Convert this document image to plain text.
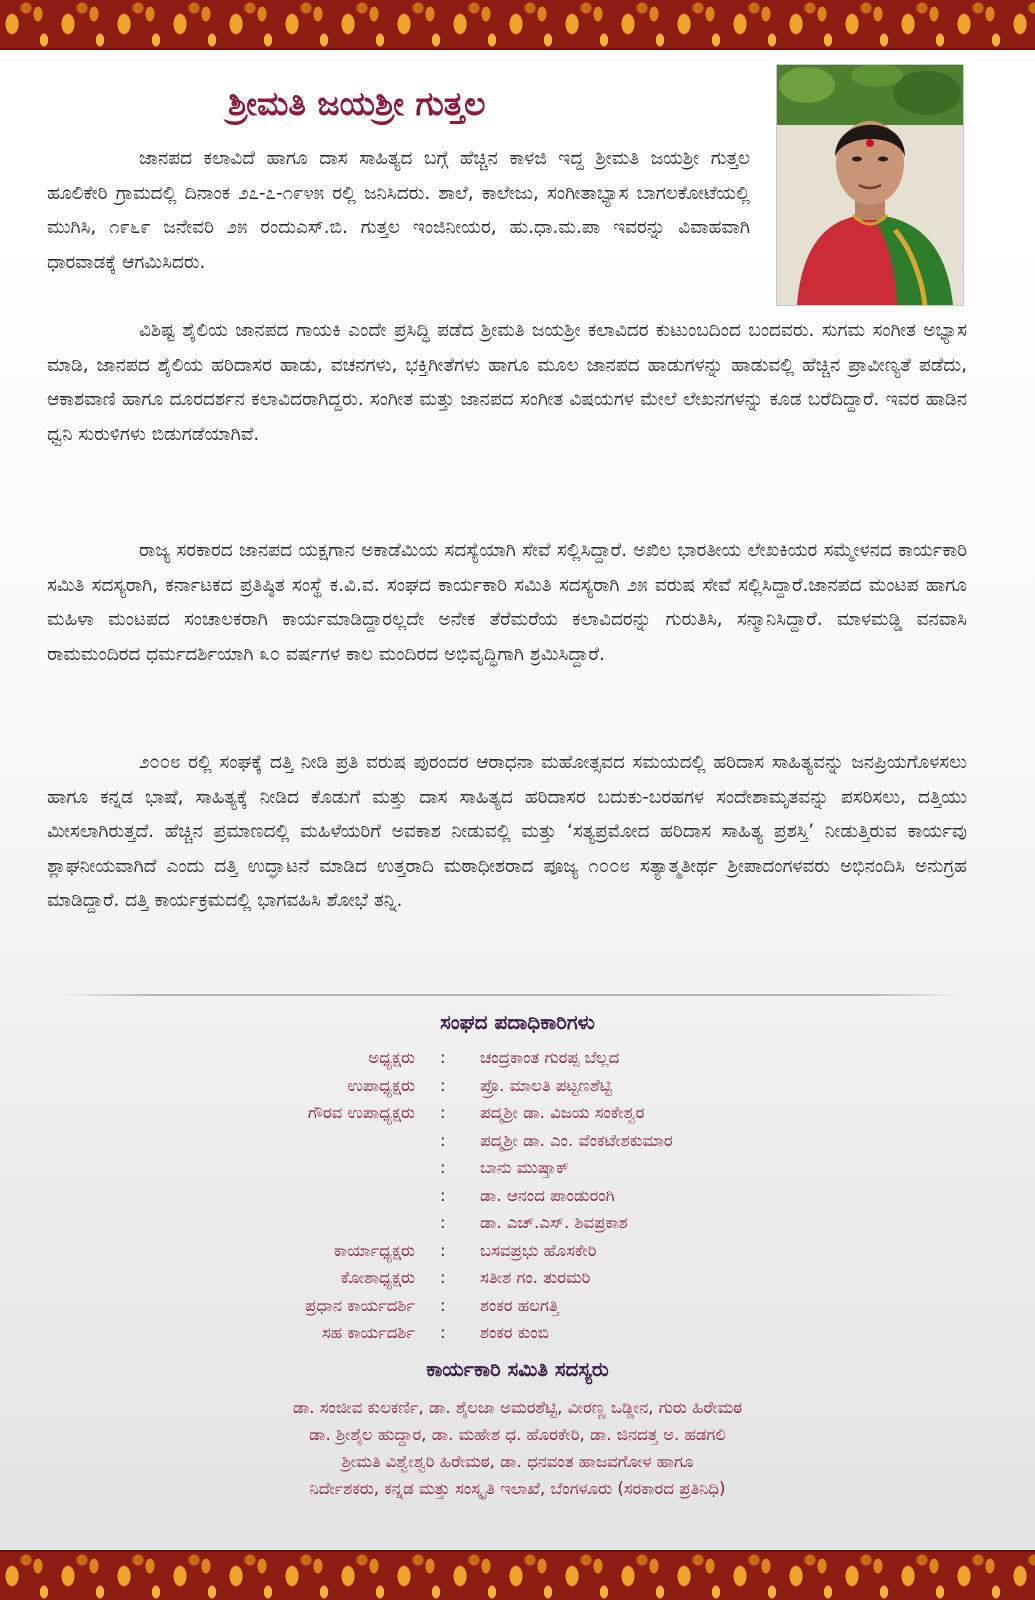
ಶ್ರೀಮತಿ ಜಯಶ್ರೀ ಗುತ್ತಲ

ಜಾನಪದ ಕಲಾವಿದೆ ಹಾಗೂ ದಾಸ ಸಾಹಿತ್ಯದ ಬಗ್ಗೆ ಹೆಚ್ಚಿನ ಕಾಳಜಿ ಇದ್ದ ಶ್ರೀಮತಿ ಜಯಶ್ರೀ ಗುತ್ತಲ ಹೂಲಿಕೇರಿ ಗ್ರಾಮದಲ್ಲಿ ದಿನಾಂಕ ೨೭-೭-೧೯೪೫ ರಲ್ಲಿ ಜನಿಸಿದರು. ಶಾಲೆ, ಕಾಲೇಜು, ಸಂಗೀತಾಭ್ಯಾಸ ಬಾಗಲಕೋಟೆಯಲ್ಲಿ ಮುಗಿಸಿ, ೧೯೬೯ ಜನೇವರಿ ೨೫ ರಂದುಎಸ್.ಬಿ. ಗುತ್ತಲ ಇಂಜಿನೀಯರ, ಹು.ಧಾ.ಮ.ಪಾ ಇವರನ್ನು ವಿವಾಹವಾಗಿ ಧಾರವಾಡಕ್ಕೆ ಆಗಮಿಸಿದರು.

ವಿಶಿಷ್ಟ ಶೈಲಿಯ ಜಾನಪದ ಗಾಯಕಿ ಎಂದೇ ಪ್ರಸಿದ್ಧಿ ಪಡೆದ ಶ್ರೀಮತಿ ಜಯಶ್ರೀ ಕಲಾವಿದರ ಕುಟುಂಬದಿಂದ ಬಂದವರು. ಸುಗಮ ಸಂಗೀತ ಅಭ್ಯಾಸ ಮಾಡಿ, ಜಾನಪದ ಶೈಲಿಯ ಹರಿದಾಸರ ಹಾಡು, ವಚನಗಳು, ಭಕ್ತಿಗೀತೆಗಳು ಹಾಗೂ ಮೂಲ ಜಾನಪದ ಹಾಡುಗಳನ್ನು ಹಾಡುವಲ್ಲಿ ಹೆಚ್ಚಿನ ಪ್ರಾವೀಣ್ಯತೆ ಪಡೆದು, ಆಕಾಶವಾಣಿ ಹಾಗೂ ದೂರದರ್ಶನ ಕಲಾವಿದರಾಗಿದ್ದರು. ಸಂಗೀತ ಮತ್ತು ಜಾನಪದ ಸಂಗೀತ ವಿಷಯಗಳ ಮೇಲೆ ಲೇಖನಗಳನ್ನು ಕೂಡ ಬರೆದಿದ್ದಾರೆ. ಇವರ ಹಾಡಿನ ಧ್ವನಿ ಸುರುಳಿಗಳು ಬಿಡುಗಡೆಯಾಗಿವೆ.

ರಾಜ್ಯ ಸರಕಾರದ ಜಾನಪದ ಯಕ್ಷಗಾನ ಅಕಾಡೆಮಿಯ ಸದಸ್ಯೆಯಾಗಿ ಸೇವೆ ಸಲ್ಲಿಸಿದ್ದಾರೆ. ಅಖಿಲ ಭಾರತೀಯ ಲೇಖಕಿಯರ ಸಮ್ಮೇಳನದ ಕಾರ್ಯಕಾರಿ ಸಮಿತಿ ಸದಸ್ಯರಾಗಿ, ಕರ್ನಾಟಕದ ಪ್ರತಿಷ್ಠಿತ ಸಂಸ್ಥೆ ಕ.ವಿ.ವ. ಸಂಘದ ಕಾರ್ಯಕಾರಿ ಸಮಿತಿ ಸದಸ್ಯರಾಗಿ ೨೫ ವರುಷ ಸೇವೆ ಸಲ್ಲಿಸಿದ್ದಾರೆ.ಜಾನಪದ ಮಂಟಪ ಹಾಗೂ ಮಹಿಳಾ ಮಂಟಪದ ಸಂಚಾಲಕರಾಗಿ ಕಾರ್ಯಮಾಡಿದ್ದಾರಲ್ಲದೇ ಅನೇಕ ತೆರೆಮರೆಯ ಕಲಾವಿದರನ್ನು ಗುರುತಿಸಿ, ಸನ್ಮಾನಿಸಿದ್ದಾರೆ. ಮಾಳಮಡ್ಡಿ ವನವಾಸಿ ರಾಮಮಂದಿರದ ಧರ್ಮದರ್ಶಿಯಾಗಿ ೩೦ ವರ್ಷಗಳ ಕಾಲ ಮಂದಿರದ ಅಭಿವೃದ್ಧಿಗಾಗಿ ಶ್ರಮಿಸಿದ್ದಾರೆ.

೨೦೦೮ ರಲ್ಲಿ ಸಂಘಕ್ಕೆ ದತ್ತಿ ನೀಡಿ ಪ್ರತಿ ವರುಷ ಪುರಂದರ ಆರಾಧನಾ ಮಹೋತ್ಸವದ ಸಮಯದಲ್ಲಿ ಹರಿದಾಸ ಸಾಹಿತ್ಯವನ್ನು ಜನಪ್ರಿಯಗೊಳಸಲು ಹಾಗೂ ಕನ್ನಡ ಭಾಷೆ, ಸಾಹಿತ್ಯಕ್ಕೆ ನೀಡಿದ ಕೊಡುಗೆ ಮತ್ತು ದಾಸ ಸಾಹಿತ್ಯದ ಹರಿದಾಸರ ಬದುಕು-ಬರಹಗಳ ಸಂದೇಶಾಮೃತವನ್ನು ಪಸರಿಸಲು, ದತ್ತಿಯು ಮೀಸಲಾಗಿರುತ್ತದೆ. ಹೆಚ್ಚಿನ ಪ್ರಮಾಣದಲ್ಲಿ ಮಹಿಳೆಯರಿಗೆ ಅವಕಾಶ ನೀಡುವಲ್ಲಿ ಮತ್ತು ‘ಸತ್ಯಪ್ರಮೋದ ಹರಿದಾಸ ಸಾಹಿತ್ಯ ಪ್ರಶಸ್ತಿ’ ನೀಡುತ್ತಿರುವ ಕಾರ್ಯವು ಶ್ಲಾಘನೀಯವಾಗಿದೆ ಎಂದು ದತ್ತಿ ಉದ್ಘಾಟನೆ ಮಾಡಿದ ಉತ್ತರಾದಿ ಮಠಾಧೀಶರಾದ ಪೂಜ್ಯ ೧೦೦೮ ಸತ್ಯಾತ್ಮತೀರ್ಥ ಶ್ರೀಪಾದಂಗಳವರು ಅಭಿನಂದಿಸಿ ಅನುಗ್ರಹ ಮಾಡಿದ್ದಾರೆ. ದತ್ತಿ ಕಾರ್ಯಕ್ರಮದಲ್ಲಿ ಭಾಗವಹಿಸಿ ಶೋಭೆ ತನ್ನಿ.

ಸಂಘದ ಪದಾಧಿಕಾರಿಗಳು
ಅಧ್ಯಕ್ಷರು : ಚಂದ್ರಕಾಂತ ಗುರಪ್ಪ ಬೆಲ್ಲದ
ಉಪಾಧ್ಯಕ್ಷರು : ಪ್ರೊ. ಮಾಲತಿ ಪಟ್ಟಣಶೆಟ್ಟಿ
ಗೌರವ ಉಪಾಧ್ಯಕ್ಷರು : ಪದ್ಮಶ್ರೀ ಡಾ. ವಿಜಯ ಸಂಕೇಶ್ವರ
: ಪದ್ಮಶ್ರೀ ಡಾ. ಎಂ. ವೆಂಕಟೇಶಕುಮಾರ
: ಬಾನು ಮುಷ್ತಾಕ್
: ಡಾ. ಆನಂದ ಪಾಂಡುರಂಗಿ
: ಡಾ. ಎಚ್.ಎಸ್. ಶಿವಪ್ರಕಾಶ
ಕಾರ್ಯಾಧ್ಯಕ್ಷರು : ಬಸವಪ್ರಭು ಹೊಸಕೇರಿ
ಕೋಶಾಧ್ಯಕ್ಷರು : ಸತೀಶ ಗಂ. ತುರಮರಿ
ಪ್ರಧಾನ ಕಾರ್ಯದರ್ಶಿ : ಶಂಕರ ಹಲಗತ್ತಿ
ಸಹ ಕಾರ್ಯದರ್ಶಿ : ಶಂಕರ ಕುಂಬಿ
ಕಾರ್ಯಕಾರಿ ಸಮಿತಿ ಸದಸ್ಯರು
ಡಾ. ಸಂಜೀವ ಕುಲಕರ್ಣಿ, ಡಾ. ಶೈಲಜಾ ಅಮರಶೆಟ್ಟಿ, ವೀರಣ್ಣ ಒಡ್ಡೀನ, ಗುರು ಹಿರೇಮಠ
ಡಾ. ಶ್ರೀಶೈಲ ಹುದ್ದಾರ, ಡಾ. ಮಹೇಶ ಧ. ಹೊರಕೇರಿ, ಡಾ. ಜಿನದತ್ತ ಅ. ಹಡಗಲಿ
ಶ್ರೀಮತಿ ವಿಶ್ವೇಶ್ವರಿ ಹಿರೇಮಠ, ಡಾ. ಧನವಂತ ಹಾಜವಗೋಳ ಹಾಗೂ
ನಿರ್ದೇಶಕರು, ಕನ್ನಡ ಮತ್ತು ಸಂಸ್ಕೃತಿ ಇಲಾಖೆ, ಬೆಂಗಳೂರು (ಸರಕಾರದ ಪ್ರತಿನಿಧಿ)
